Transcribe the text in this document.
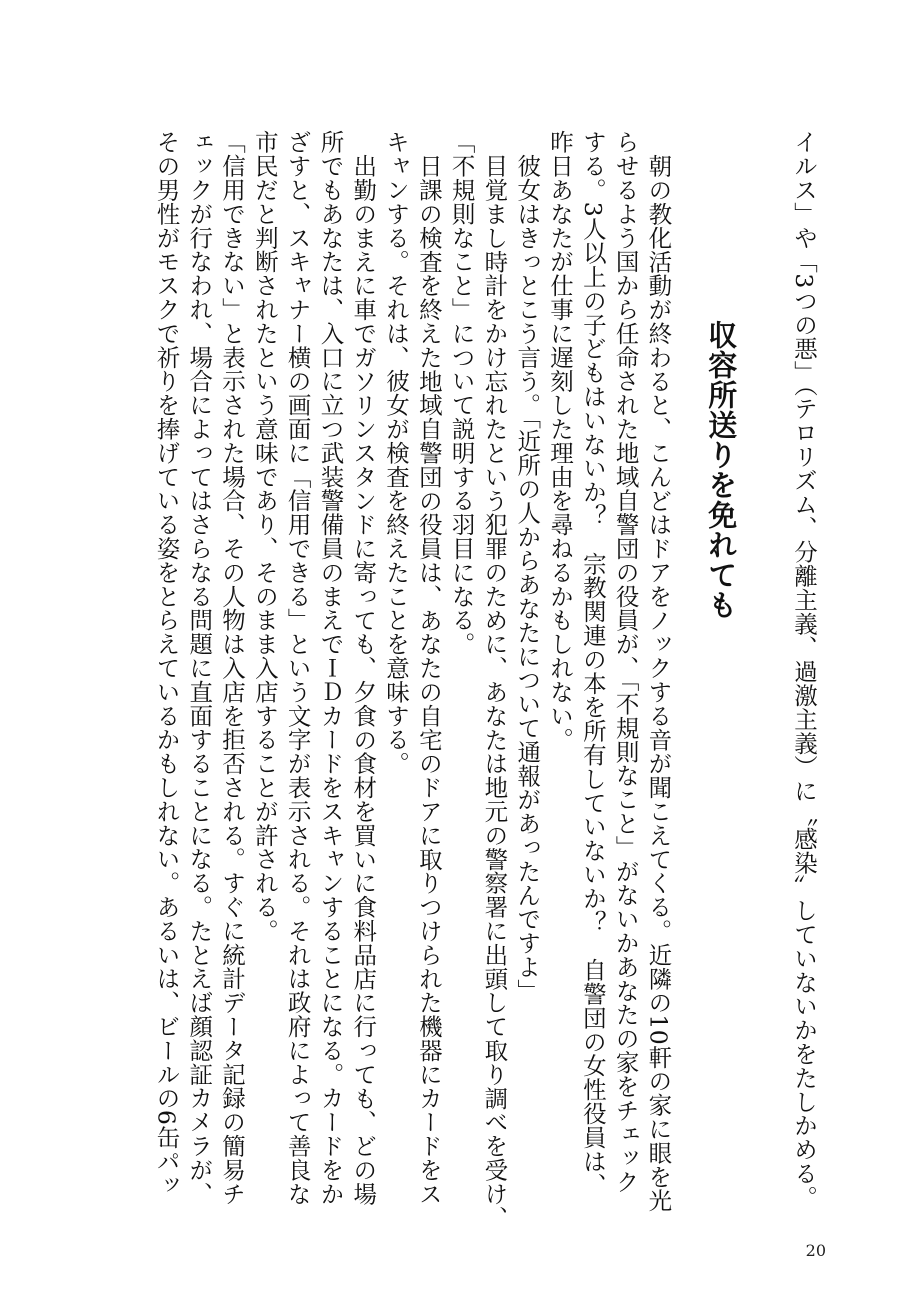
イルス」や「3つの悪」（テロリズム、分離主義、過激主義）に〝感染〟していないかをたしかめる。
収容所送りを免れても
朝の教化活動が終わると、こんどはドアをノックする音が聞こえてくる。近隣の10軒の家に眼を光
らせるよう国から任命された地域自警団の役員が、「不規則なこと」がないかあなたの家をチェック
する。3人以上の子どもはいないか？　宗教関連の本を所有していないか？　自警団の女性役員は、
昨日あなたが仕事に遅刻した理由を尋ねるかもしれない。
彼女はきっとこう言う。「近所の人からあなたについて通報があったんですよ」
目覚まし時計をかけ忘れたという犯罪のために、あなたは地元の警察署に出頭して取り調べを受け、
「不規則なこと」について説明する羽目になる。
日課の検査を終えた地域自警団の役員は、あなたの自宅のドアに取りつけられた機器にカードをス
キャンする。それは、彼女が検査を終えたことを意味する。
出勤のまえに車でガソリンスタンドに寄っても、夕食の食材を買いに食料品店に行っても、どの場
所でもあなたは、入口に立つ武装警備員のまえでＩＤカードをスキャンすることになる。カードをか
ざすと、スキャナー横の画面に「信用できる」という文字が表示される。それは政府によって善良な
市民だと判断されたという意味であり、そのまま入店することが許される。
「信用できない」と表示された場合、その人物は入店を拒否される。すぐに統計データ記録の簡易チ
ェックが行なわれ、場合によってはさらなる問題に直面することになる。たとえば顔認証カメラが、
その男性がモスクで祈りを捧げている姿をとらえているかもしれない。あるいは、ビールの6缶パッ
20
